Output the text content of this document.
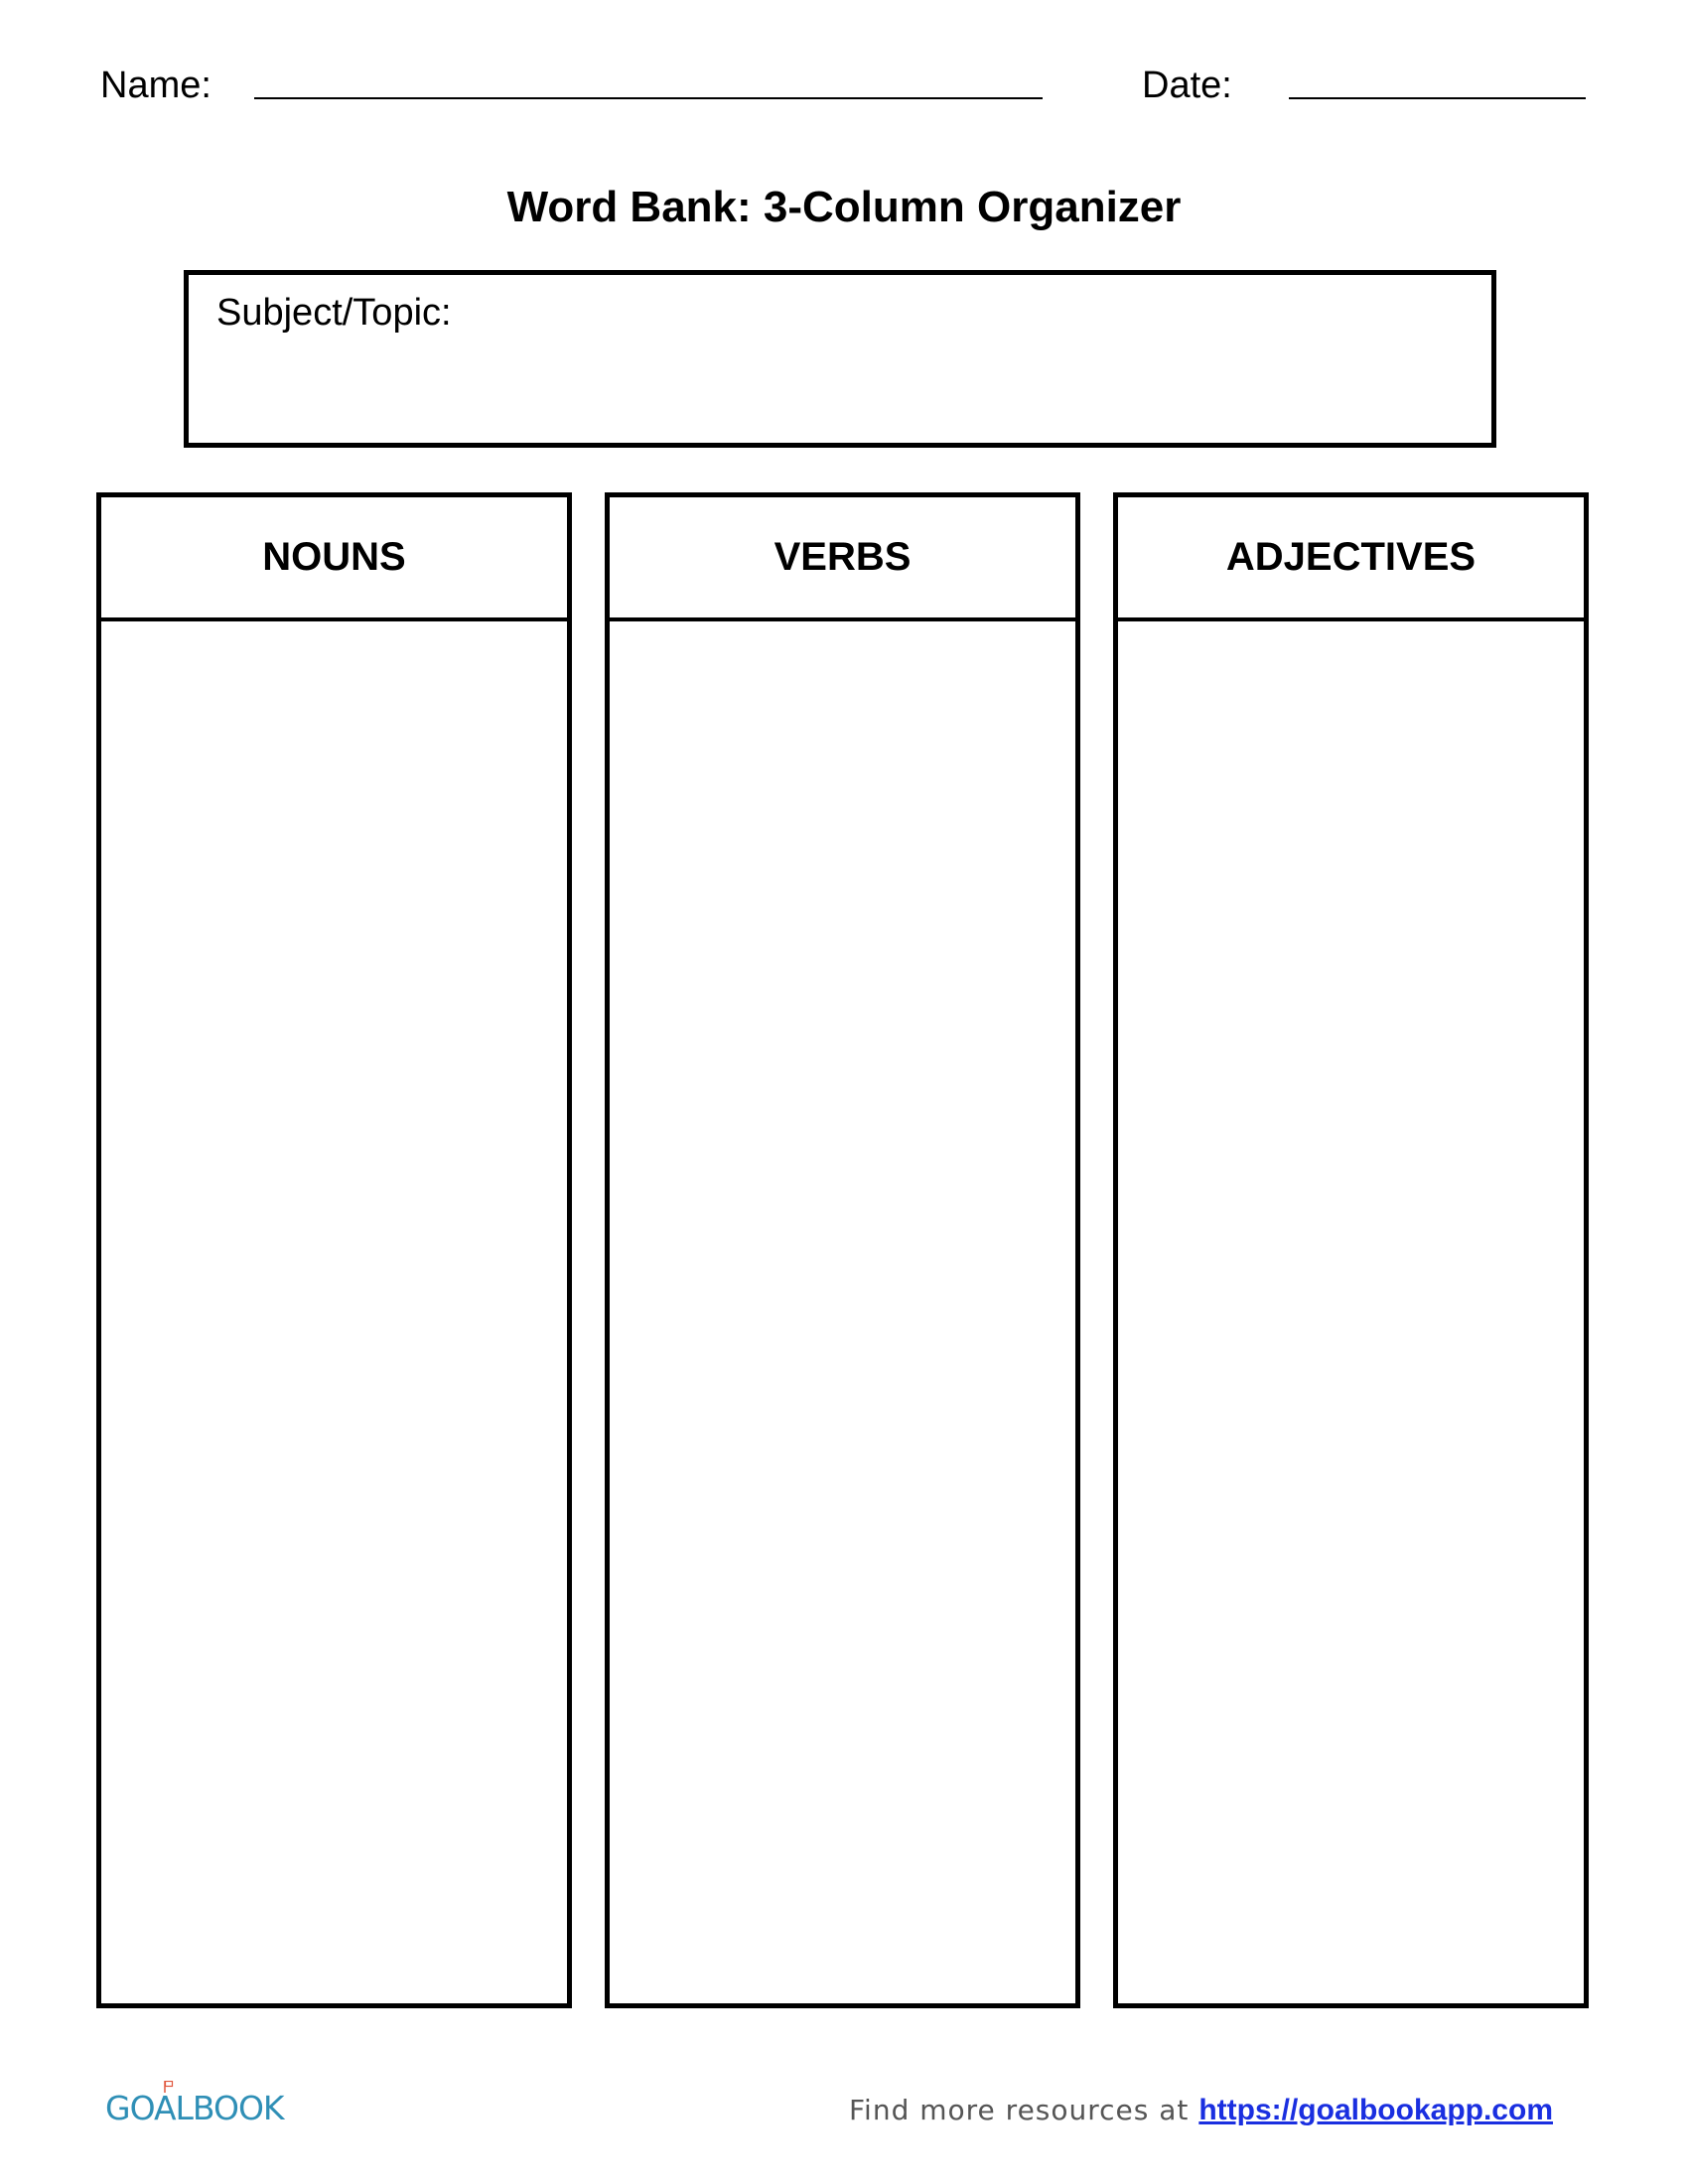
Name:	Date:
Word Bank: 3-Column Organizer
Subject/Topic:
NOUNS	VERBS	ADJECTIVES
GOALBOOK	Find more resources at https://goalbookapp.com
